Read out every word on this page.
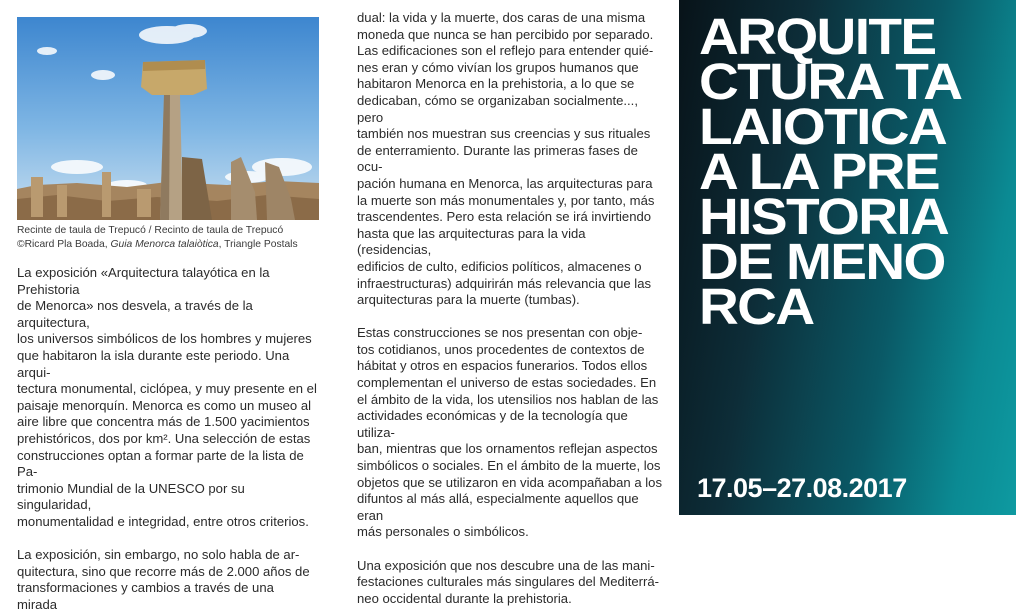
Recinte de taula de Trepucó / Recinto de taula de Trepucó

©Ricard Pla Boada, Guia Menorca talaiòtica, Triangle Postals

La exposición «Arquitectura talayótica en la Prehistoria

de Menorca» nos desvela, a través de la arquitectura,

los universos simbólicos de los hombres y mujeres

que habitaron la isla durante este periodo. Una arqui-

tectura monumental, ciclópea, y muy presente en el

paisaje menorquín. Menorca es como un museo al

aire libre que concentra más de 1.500 yacimientos

prehistóricos, dos por km². Una selección de estas

construcciones optan a formar parte de la lista de Pa-

trimonio Mundial de la UNESCO por su singularidad,

monumentalidad e integridad, entre otros criterios.

La exposición, sin embargo, no solo habla de ar-

quitectura, sino que recorre más de 2.000 años de

transformaciones y cambios a través de una mirada

dual: la vida y la muerte, dos caras de una misma

moneda que nunca se han percibido por separado.

Las edificaciones son el reflejo para entender quié-

nes eran y cómo vivían los grupos humanos que

habitaron Menorca en la prehistoria, a lo que se

dedicaban, cómo se organizaban socialmente..., pero

también nos muestran sus creencias y sus rituales

de enterramiento. Durante las primeras fases de ocu-

pación humana en Menorca, las arquitecturas para

la muerte son más monumentales y, por tanto, más

trascendentes. Pero esta relación se irá invirtiendo

hasta que las arquitecturas para la vida (residencias,

edificios de culto, edificios políticos, almacenes o

infraestructuras) adquirirán más relevancia que las

arquitecturas para la muerte (tumbas).

Estas construcciones se nos presentan con obje-

tos cotidianos, unos procedentes de contextos de

hábitat y otros en espacios funerarios. Todos ellos

complementan el universo de estas sociedades. En

el ámbito de la vida, los utensilios nos hablan de las

actividades económicas y de la tecnología que utiliza-

ban, mientras que los ornamentos reflejan aspectos

simbólicos o sociales. En el ámbito de la muerte, los

objetos que se utilizaron en vida acompañaban a los

difuntos al más allá, especialmente aquellos que eran

más personales o simbólicos.

Una exposición que nos descubre una de las mani-

festaciones culturales más singulares del Mediterrá-

neo occidental durante la prehistoria.

ARQUITE
CTURA TA
LAIOTICA
A LA PRE
HISTORIA
DE MENO
RCA

17.05–27.08.2017
